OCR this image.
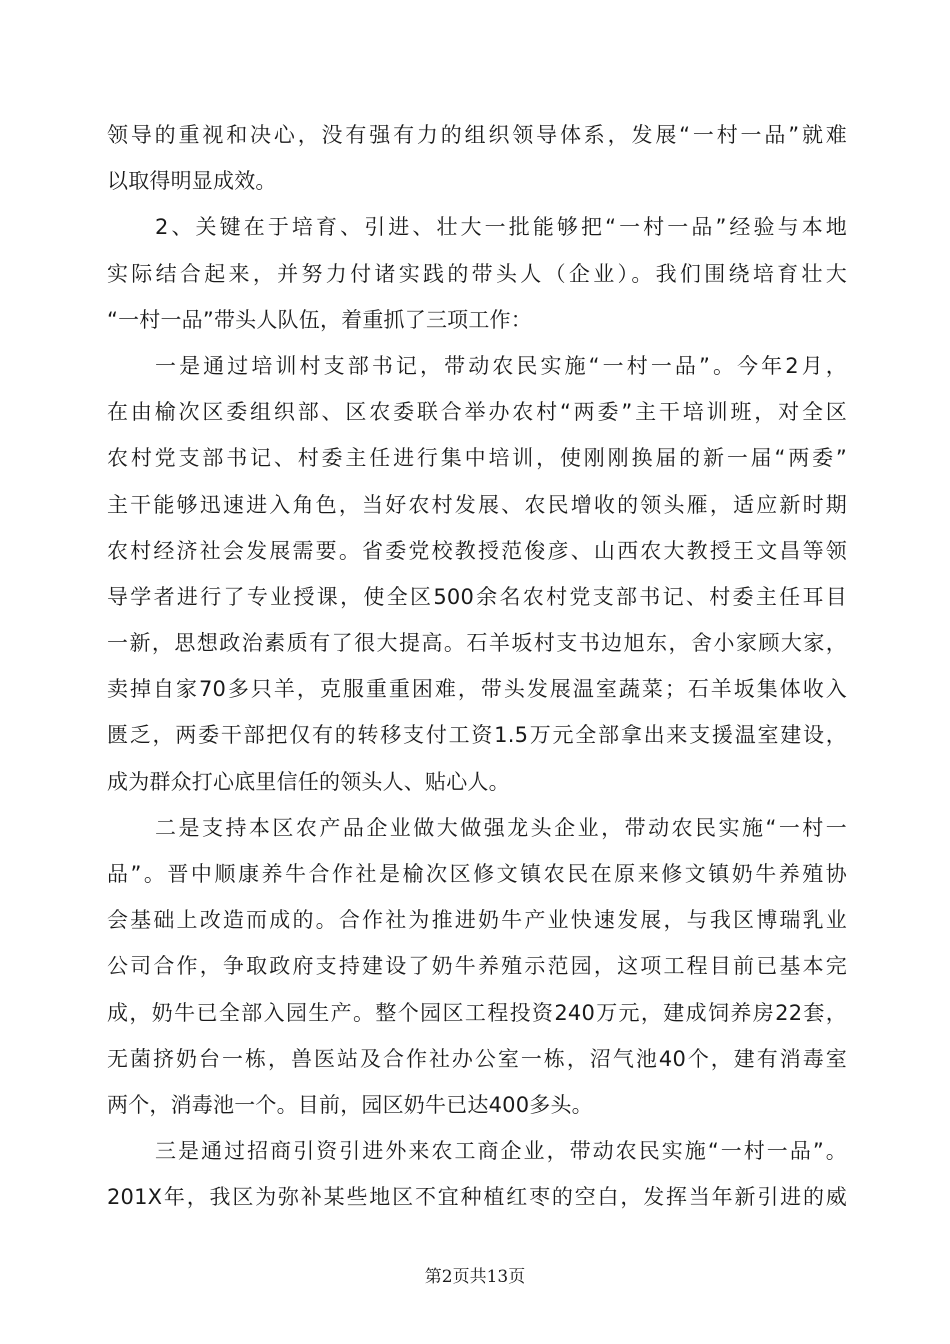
领导的重视和决心，没有强有力的组织领导体系，发展“一村一品”就难
以取得明显成效。
2、关键在于培育、引进、壮大一批能够把“一村一品”经验与本地
实际结合起来，并努力付诸实践的带头人（企业）。我们围绕培育壮大
“一村一品”带头人队伍，着重抓了三项工作：
一是通过培训村支部书记，带动农民实施“一村一品”。今年2月，
在由榆次区委组织部、区农委联合举办农村“两委”主干培训班，对全区
农村党支部书记、村委主任进行集中培训，使刚刚换届的新一届“两委”
主干能够迅速进入角色，当好农村发展、农民增收的领头雁，适应新时期
农村经济社会发展需要。省委党校教授范俊彦、山西农大教授王文昌等领
导学者进行了专业授课，使全区500余名农村党支部书记、村委主任耳目
一新，思想政治素质有了很大提高。石羊坂村支书边旭东，舍小家顾大家，
卖掉自家70多只羊，克服重重困难，带头发展温室蔬菜；石羊坂集体收入
匮乏，两委干部把仅有的转移支付工资1.5万元全部拿出来支援温室建设，
成为群众打心底里信任的领头人、贴心人。
二是支持本区农产品企业做大做强龙头企业，带动农民实施“一村一
品”。晋中顺康养牛合作社是榆次区修文镇农民在原来修文镇奶牛养殖协
会基础上改造而成的。合作社为推进奶牛产业快速发展，与我区博瑞乳业
公司合作，争取政府支持建设了奶牛养殖示范园，这项工程目前已基本完
成，奶牛已全部入园生产。整个园区工程投资240万元，建成饲养房22套，
无菌挤奶台一栋，兽医站及合作社办公室一栋，沼气池40个，建有消毒室
两个，消毒池一个。目前，园区奶牛已达400多头。
三是通过招商引资引进外来农工商企业，带动农民实施“一村一品”。
201X年，我区为弥补某些地区不宜种植红枣的空白，发挥当年新引进的威
第2页共13页
